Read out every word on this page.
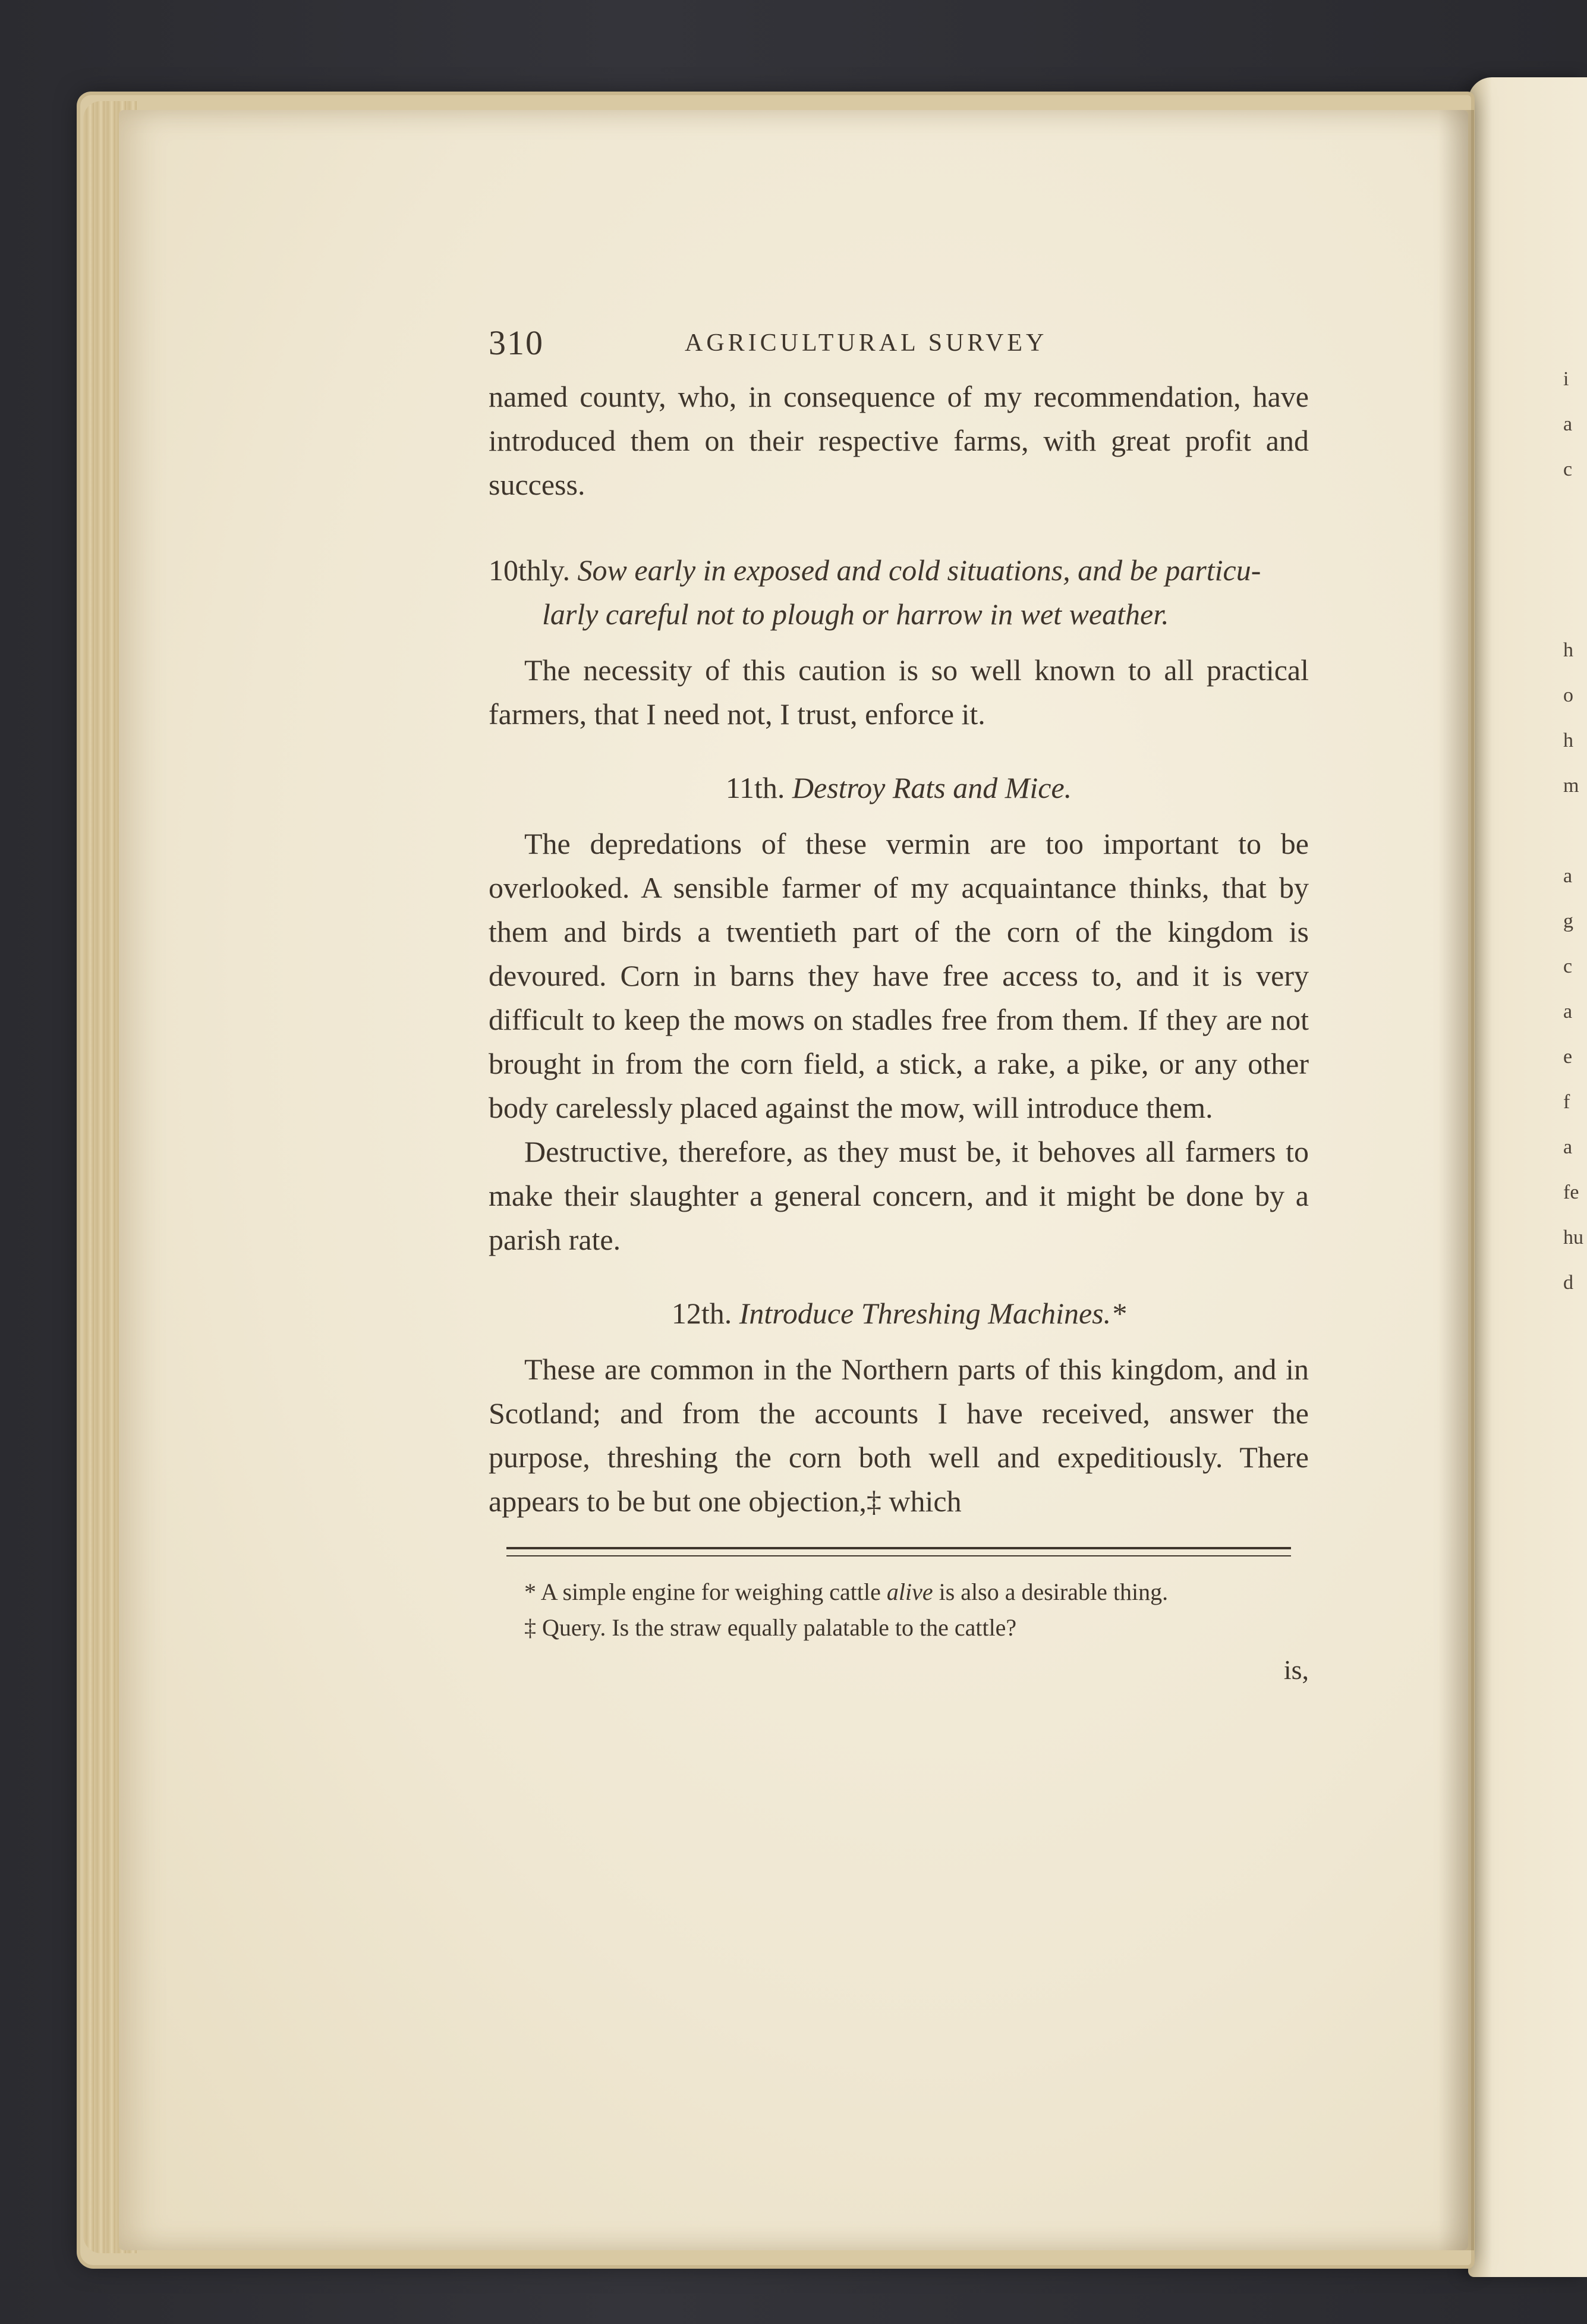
310	AGRICULTURAL SURVEY

named county, who, in consequence of my recommendation, have introduced them on their respective farms, with great profit and success.

10thly. Sow early in exposed and cold situations, and be particu-
larly careful not to plough or harrow in wet weather.

The necessity of this caution is so well known to all practical farmers, that I need not, I trust, enforce it.

11th. Destroy Rats and Mice.

The depredations of these vermin are too important to be overlooked. A sensible farmer of my acquaintance thinks, that by them and birds a twentieth part of the corn of the kingdom is devoured. Corn in barns they have free access to, and it is very difficult to keep the mows on stadles free from them. If they are not brought in from the corn field, a stick, a rake, a pike, or any other body carelessly placed against the mow, will introduce them.

Destructive, therefore, as they must be, it behoves all farmers to make their slaughter a general concern, and it might be done by a parish rate.

12th. Introduce Threshing Machines.*

These are common in the Northern parts of this kingdom, and in Scotland; and from the accounts I have received, answer the purpose, threshing the corn both well and expeditiously. There appears to be but one objection,‡ which

* A simple engine for weighing cattle alive is also a desirable thing.
‡ Query. Is the straw equally palatable to the cattle?
is,
i
a
c

h
o
h
m

a
g
c
a
e
f
a
fe
hu
d
